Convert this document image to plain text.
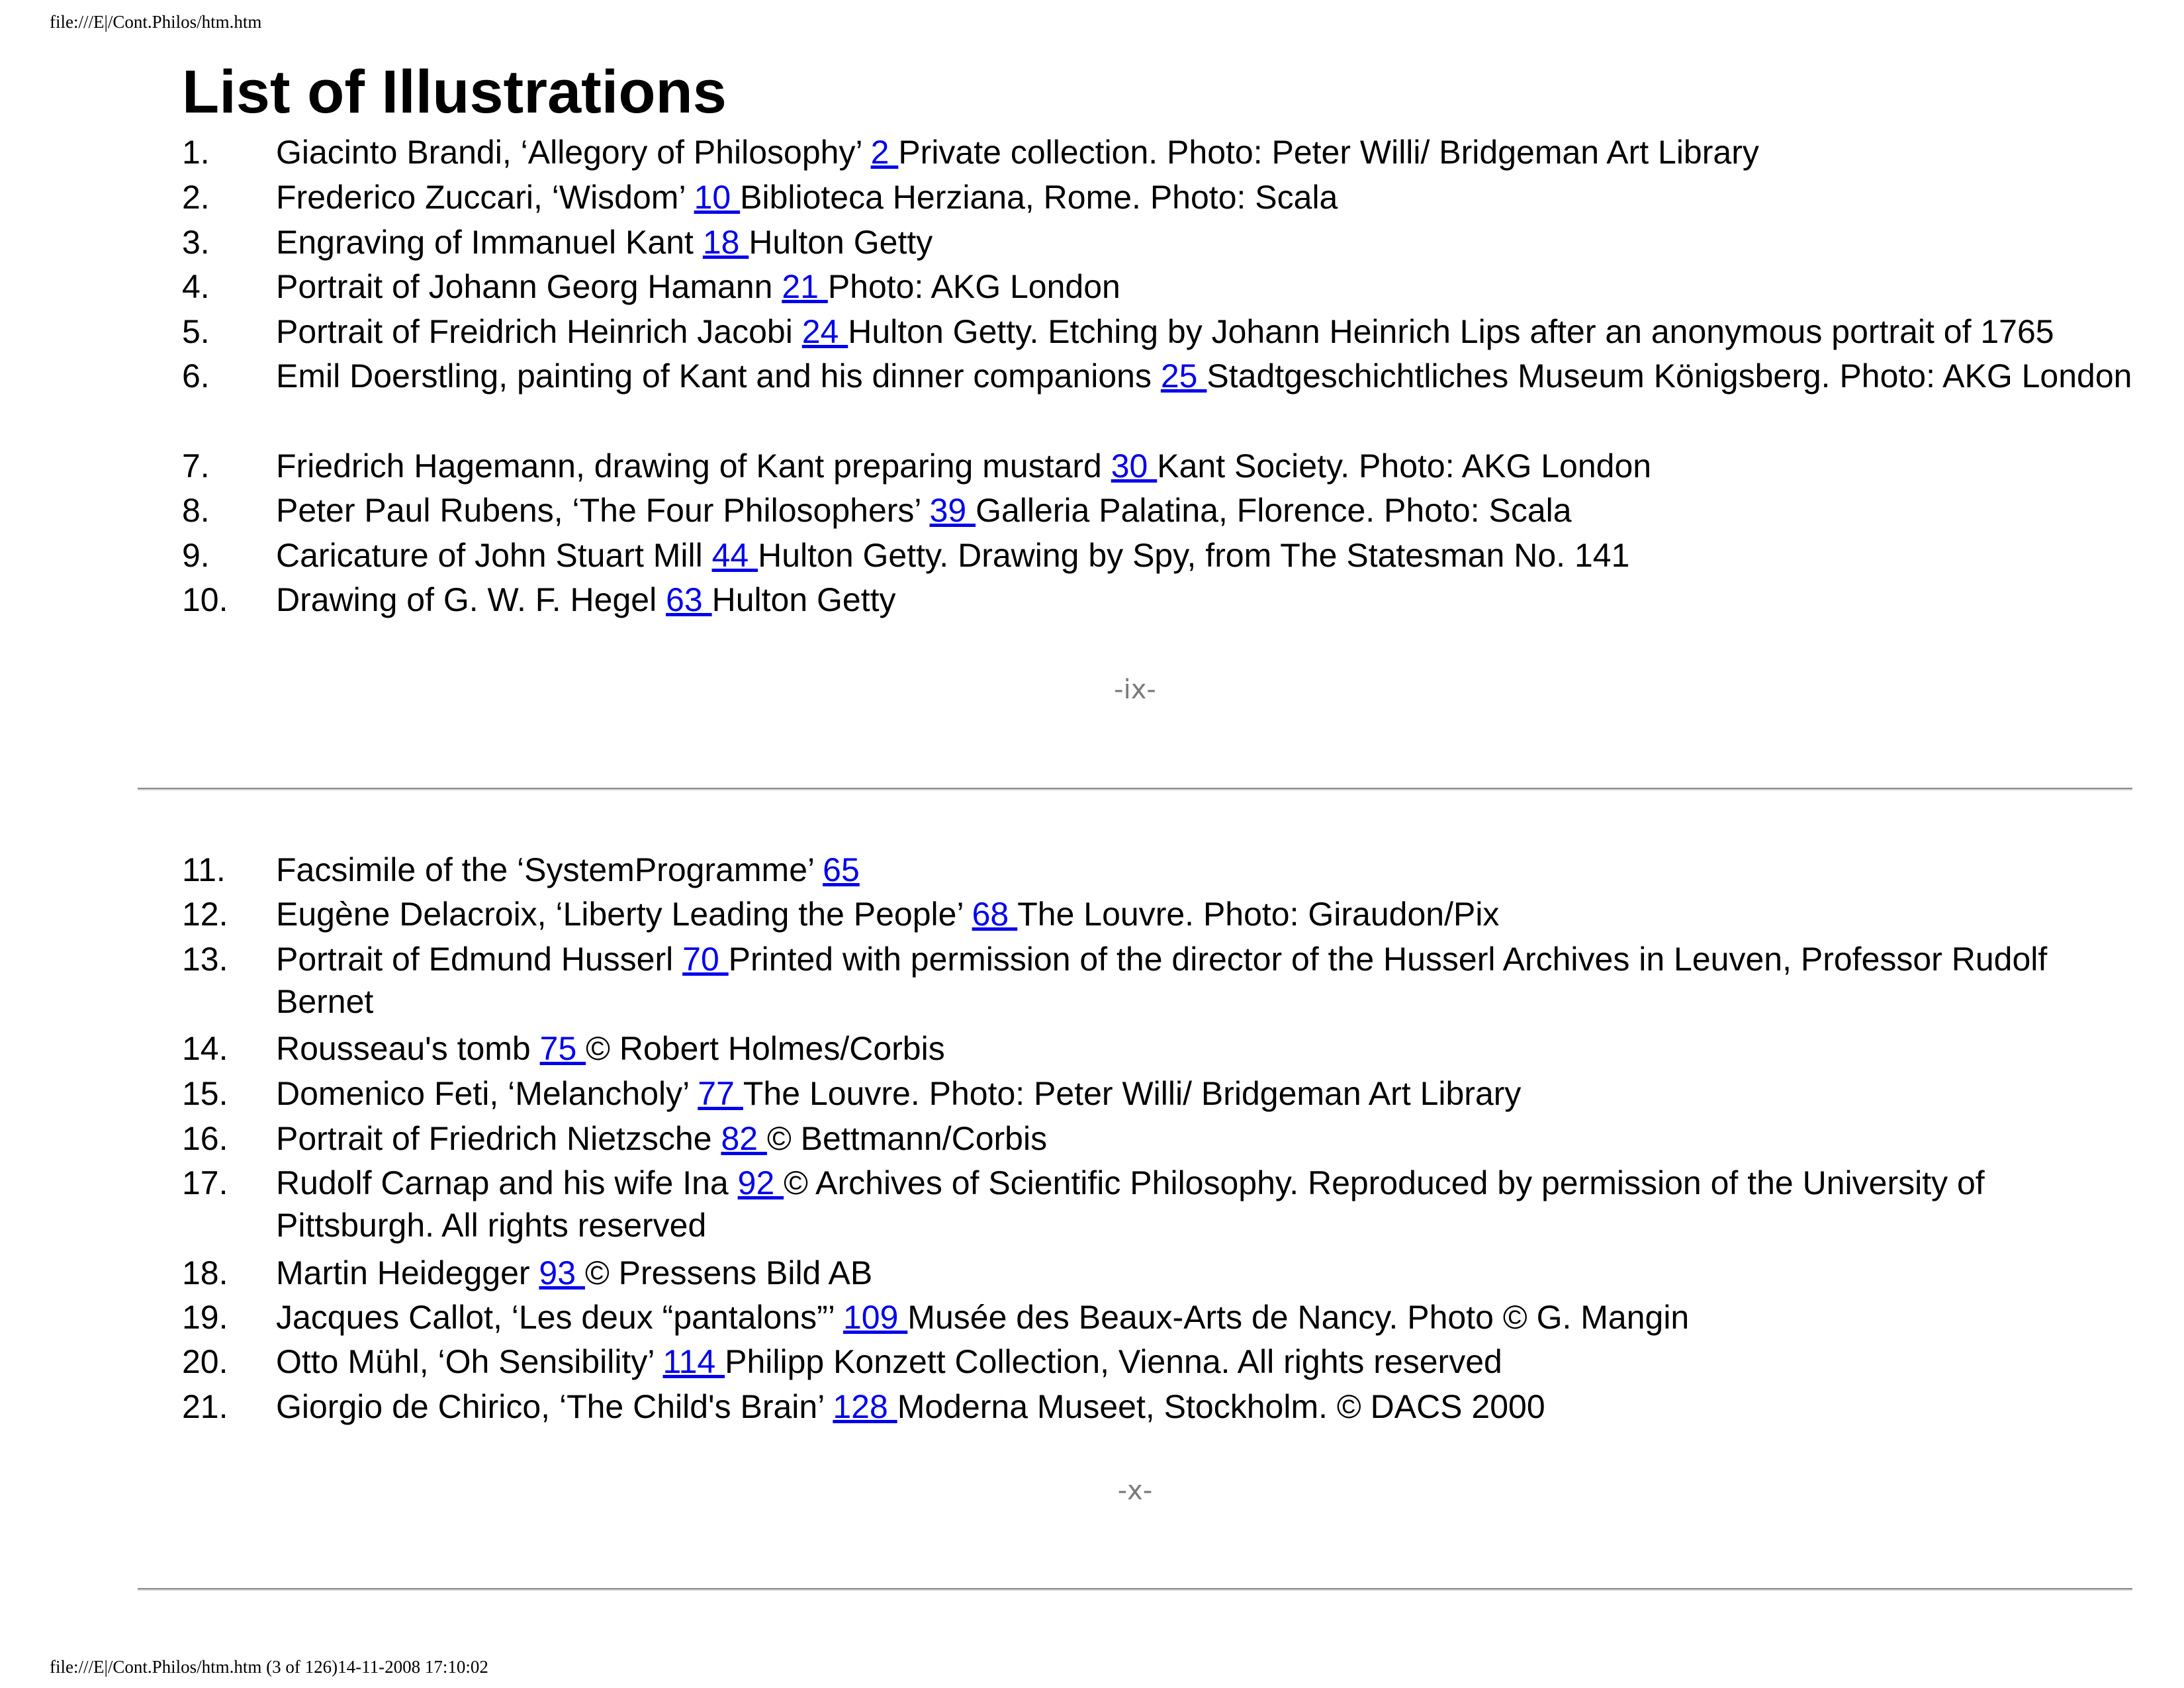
file:///E|/Cont.Philos/htm.htm
List of Illustrations
1. Giacinto Brandi, ‘Allegory of Philosophy’ 2 Private collection. Photo: Peter Willi/ Bridgeman Art Library
2. Frederico Zuccari, ‘Wisdom’ 10 Biblioteca Herziana, Rome. Photo: Scala
3. Engraving of Immanuel Kant 18 Hulton Getty
4. Portrait of Johann Georg Hamann 21 Photo: AKG London
5. Portrait of Freidrich Heinrich Jacobi 24 Hulton Getty. Etching by Johann Heinrich Lips after an anonymous portrait of 1765
6. Emil Doerstling, painting of Kant and his dinner companions 25 Stadtgeschichtliches Museum Königsberg. Photo: AKG London
7. Friedrich Hagemann, drawing of Kant preparing mustard 30 Kant Society. Photo: AKG London
8. Peter Paul Rubens, ‘The Four Philosophers’ 39 Galleria Palatina, Florence. Photo: Scala
9. Caricature of John Stuart Mill 44 Hulton Getty. Drawing by Spy, from The Statesman No. 141
10. Drawing of G. W. F. Hegel 63 Hulton Getty
11. Facsimile of the ‘SystemProgramme’ 65
12. Eugène Delacroix, ‘Liberty Leading the People’ 68 The Louvre. Photo: Giraudon/Pix
13. Portrait of Edmund Husserl 70 Printed with permission of the director of the Husserl Archives in Leuven, Professor Rudolf Bernet
14. Rousseau's tomb 75 © Robert Holmes/Corbis
15. Domenico Feti, ‘Melancholy’ 77 The Louvre. Photo: Peter Willi/ Bridgeman Art Library
16. Portrait of Friedrich Nietzsche 82 © Bettmann/Corbis
17. Rudolf Carnap and his wife Ina 92 © Archives of Scientific Philosophy. Reproduced by permission of the University of Pittsburgh. All rights reserved
18. Martin Heidegger 93 © Pressens Bild AB
19. Jacques Callot, ‘Les deux “pantalons”’ 109 Musée des Beaux-Arts de Nancy. Photo © G. Mangin
20. Otto Mühl, ‘Oh Sensibility’ 114 Philipp Konzett Collection, Vienna. All rights reserved
21. Giorgio de Chirico, ‘The Child's Brain’ 128 Moderna Museet, Stockholm. © DACS 2000
-ix-
-x-
file:///E|/Cont.Philos/htm.htm (3 of 126)14-11-2008 17:10:02
